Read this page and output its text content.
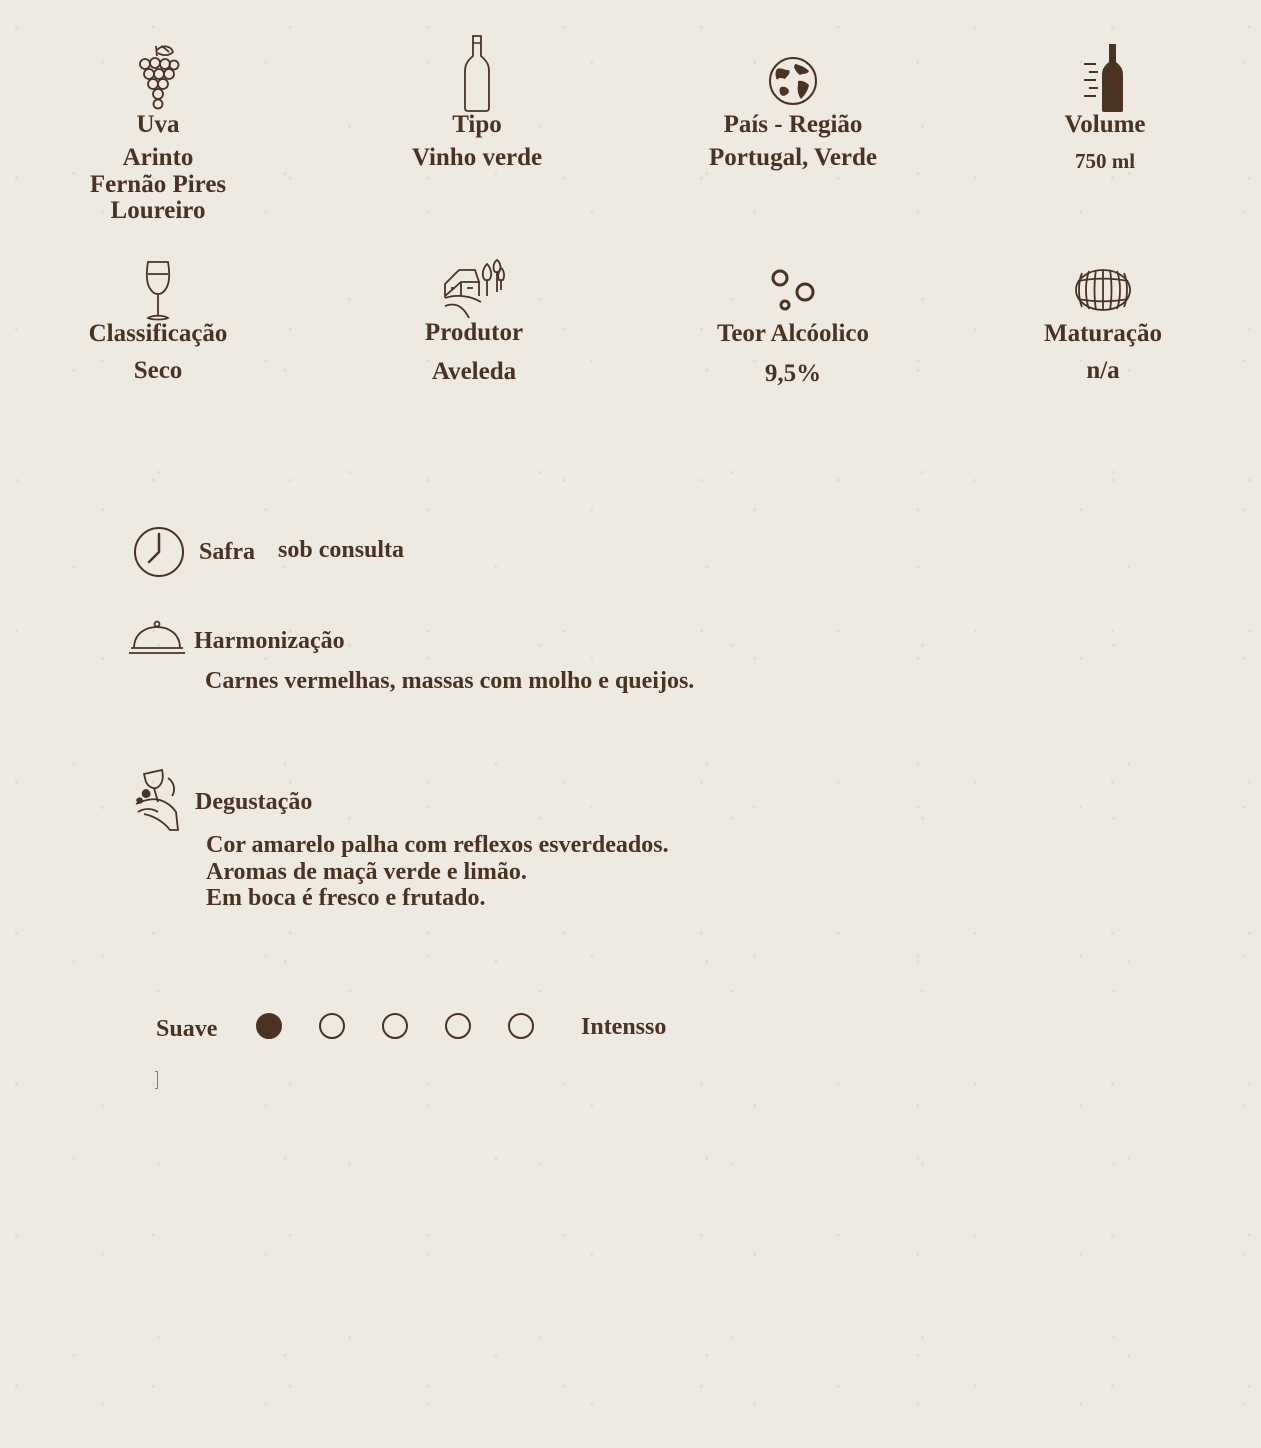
Uva
Arinto
Fernão Pires
Loureiro
Tipo
Vinho verde
País - Região
Portugal, Verde
Volume
750 ml
Classificação
Seco
Produtor
Aveleda
Teor Alcóolico
9,5%
Maturação
n/a
Safra sob consulta
Harmonização
Carnes vermelhas, massas com molho e queijos.
Degustação
Cor amarelo palha com reflexos esverdeados.
Aromas de maçã verde e limão.
Em boca é fresco e frutado.
Suave	Intensso
